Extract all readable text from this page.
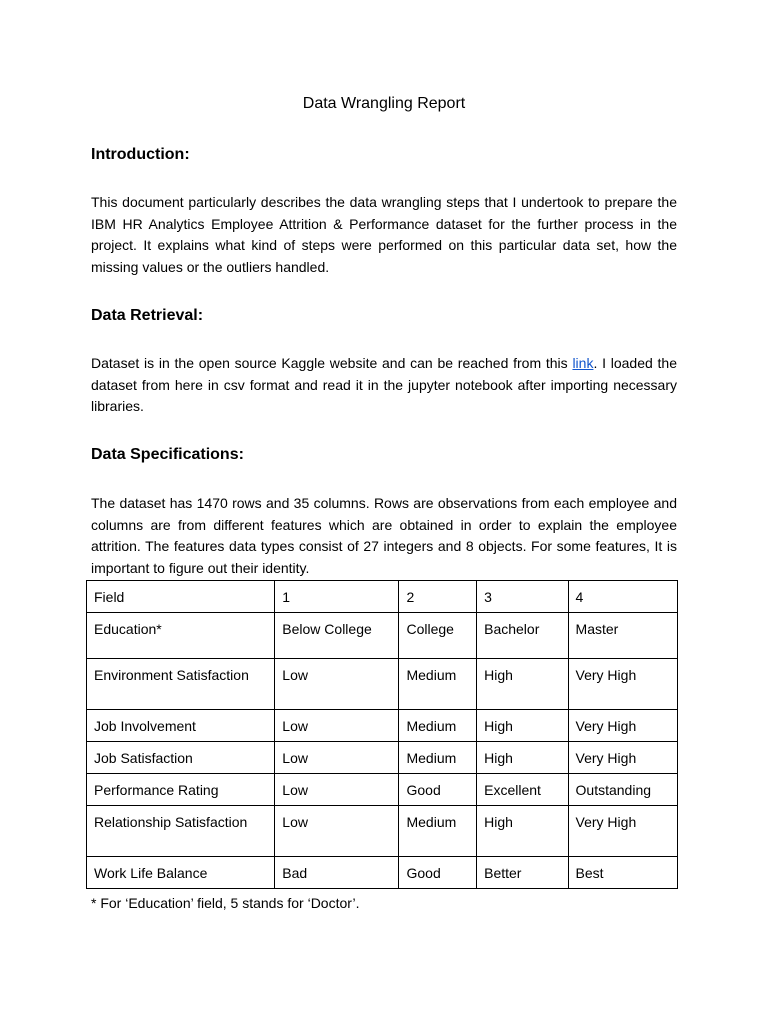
Data Wrangling Report
Introduction:

This document particularly describes the data wrangling steps that I undertook to prepare the IBM HR Analytics Employee Attrition & Performance dataset for the further process in the project. It explains what kind of steps were performed on this particular data set, how the missing values or the outliers handled.

Data Retrieval:

Dataset is in the open source Kaggle website and can be reached from this link. I loaded the dataset from here in csv format and read it in the jupyter notebook after importing necessary libraries.

Data Specifications:

The dataset has 1470 rows and 35 columns. Rows are observations from each employee and columns are from different features which are obtained in order to explain the employee attrition. The features data types consist of 27 integers and 8 objects. For some features, It is important to figure out their identity.

Field	1	2	3	4
Education*	Below College	College	Bachelor	Master
Environment Satisfaction	Low	Medium	High	Very High
Job Involvement	Low	Medium	High	Very High
Job Satisfaction	Low	Medium	High	Very High
Performance Rating	Low	Good	Excellent	Outstanding
Relationship Satisfaction	Low	Medium	High	Very High
Work Life Balance	Bad	Good	Better	Best

* For ‘Education’ field, 5 stands for ‘Doctor’.
